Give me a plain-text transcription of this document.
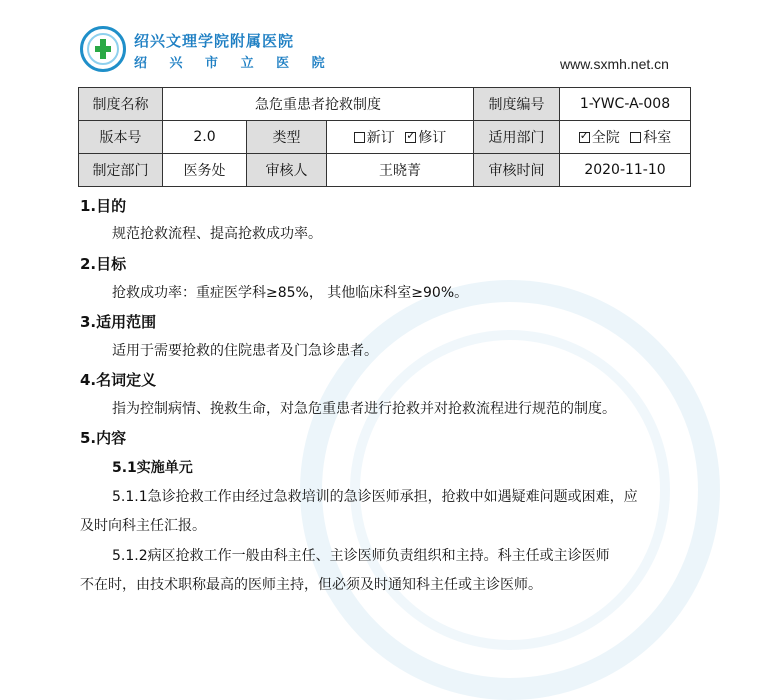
绍兴文理学院附属医院
绍 兴 市 立 医 院	www.sxmh.net.cn
制度名称	急危重患者抢救制度			制度编号	1-YWC-A-008
版本号	2.0	类型	新订 ✓ 修订	适用部门	✓全院 科室
制定部门	医务处	审核人	王晓菁	审核时间	2020-11-10
1.目的
规范抢救流程、提高抢救成功率。
2.目标
抢救成功率：重症医学科≥85%， 其他临床科室≥90%。
3.适用范围
适用于需要抢救的住院患者及门急诊患者。
4.名词定义
指为控制病情、挽救生命，对急危重患者进行抢救并对抢救流程进行规范的制度。
5.内容
5.1实施单元
5.1.1急诊抢救工作由经过急救培训的急诊医师承担，抢救中如遇疑难问题或困难，应
及时向科主任汇报。
5.1.2病区抢救工作一般由科主任、主诊医师负责组织和主持。科主任或主诊医师
不在时，由技术职称最高的医师主持，但必须及时通知科主任或主诊医师。
